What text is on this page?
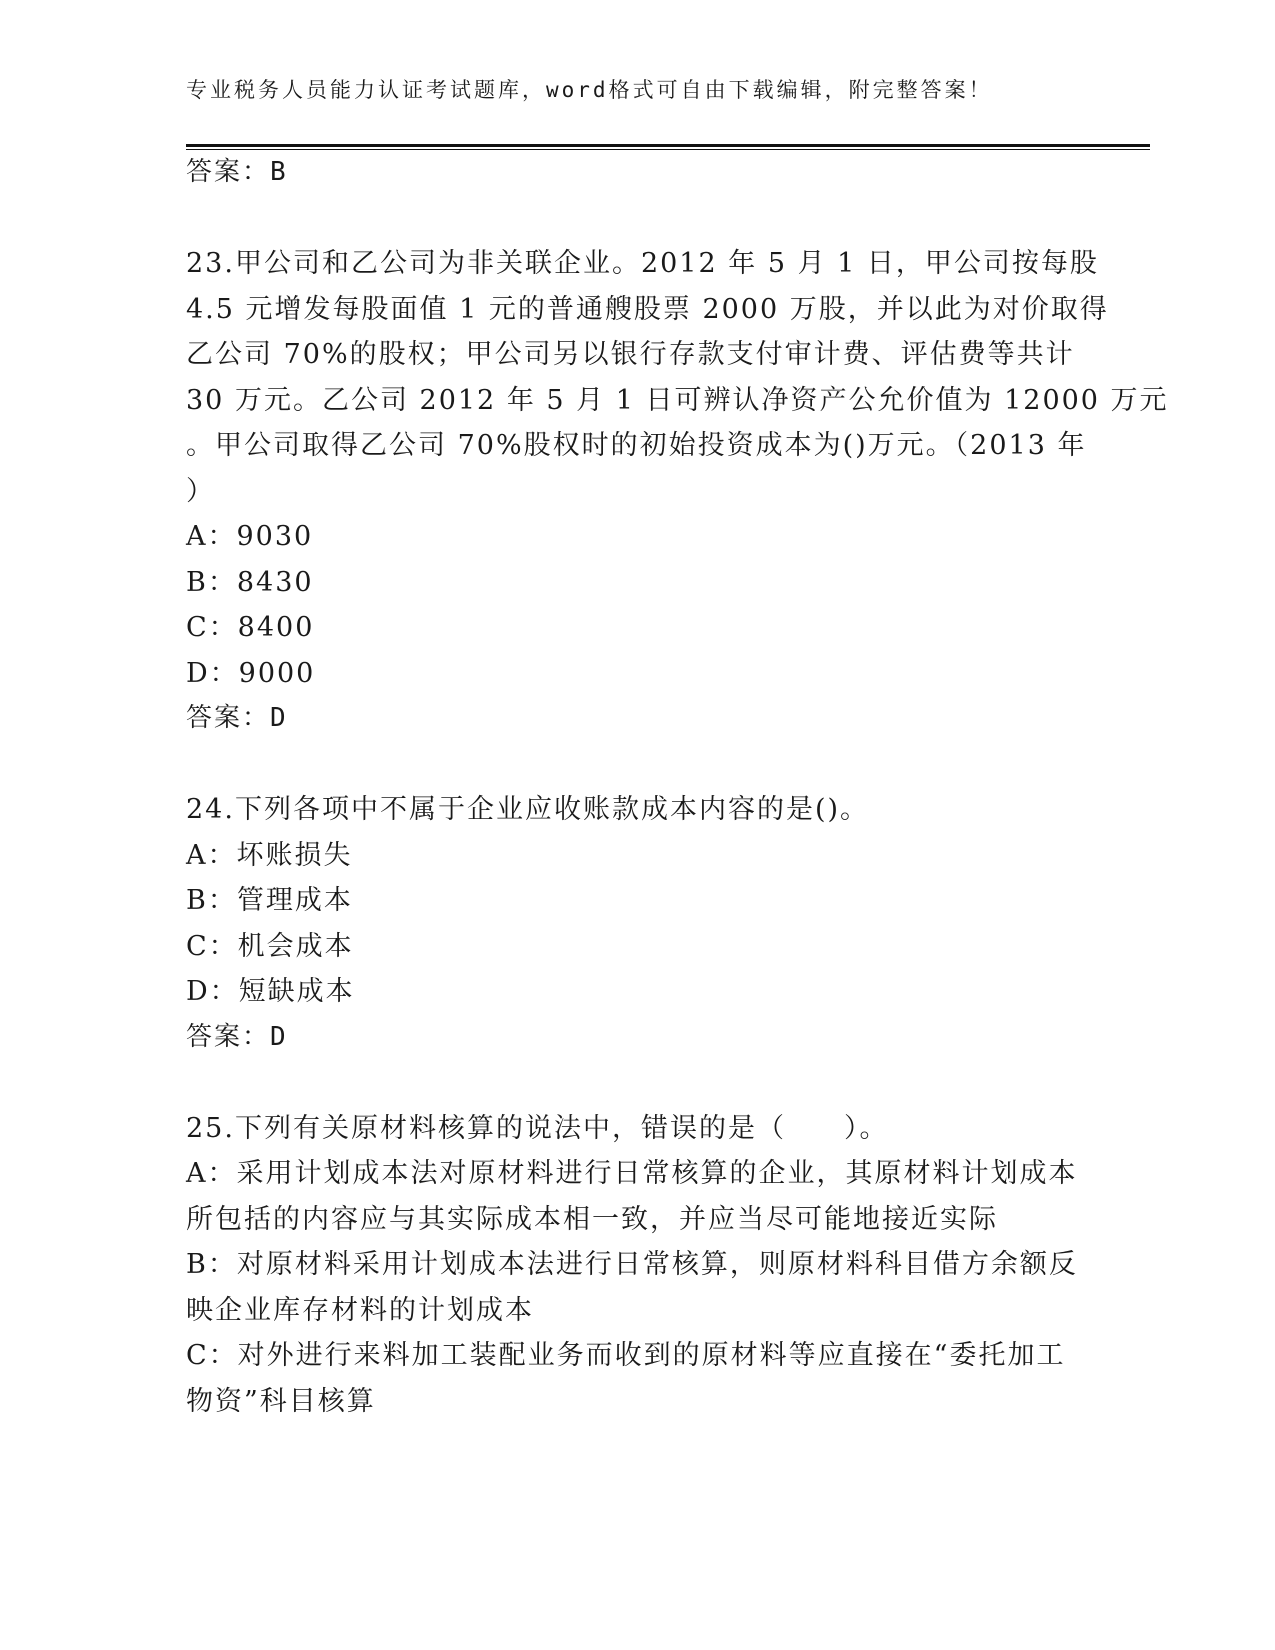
专业税务人员能力认证考试题库，word格式可自由下载编辑，附完整答案！
答案：B
23.甲公司和乙公司为非关联企业。2012 年 5 月 1 日，甲公司按每股
4.5 元增发每股面值 1 元的普通艘股票 2000 万股，并以此为对价取得
乙公司 70%的股权；甲公司另以银行存款支付审计费、评估费等共计
30 万元。乙公司 2012 年 5 月 1 日可辨认净资产公允价值为 12000 万元
。甲公司取得乙公司 70%股权时的初始投资成本为()万元。（2013 年
）
A：9030
B：8430
C：8400
D：9000
答案：D
24.下列各项中不属于企业应收账款成本内容的是()。
A：坏账损失
B：管理成本
C：机会成本
D：短缺成本
答案：D
25.下列有关原材料核算的说法中，错误的是（　　）。
A：采用计划成本法对原材料进行日常核算的企业，其原材料计划成本
所包括的内容应与其实际成本相一致，并应当尽可能地接近实际
B：对原材料采用计划成本法进行日常核算，则原材料科目借方余额反
映企业库存材料的计划成本
C：对外进行来料加工装配业务而收到的原材料等应直接在“委托加工
物资”科目核算
